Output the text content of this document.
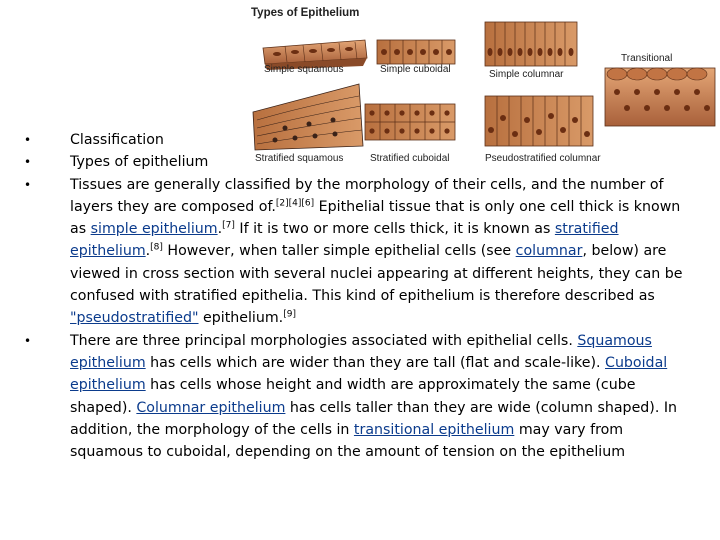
Types of Epithelium
Simple squamous	Simple cuboidal	Simple columnar
Transitional
Stratified squamous	Stratified cuboidal	Pseudostratified columnar
•	Classification
•	Types of epithelium
•	Tissues are generally classified by the morphology of their cells, and the number of layers they are composed of.[2][4][6] Epithelial tissue that is only one cell thick is known as simple epithelium.[7] If it is two or more cells thick, it is known as stratified epithelium.[8] However, when taller simple epithelial cells (see columnar, below) are viewed in cross section with several nuclei appearing at different heights, they can be confused with stratified epithelia. This kind of epithelium is therefore described as "pseudostratified" epithelium.[9]
•	There are three principal morphologies associated with epithelial cells. Squamous epithelium has cells which are wider than they are tall (flat and scale-like). Cuboidal epithelium has cells whose height and width are approximately the same (cube shaped). Columnar epithelium has cells taller than they are wide (column shaped). In addition, the morphology of the cells in transitional epithelium may vary from squamous to cuboidal, depending on the amount of tension on the epithelium
